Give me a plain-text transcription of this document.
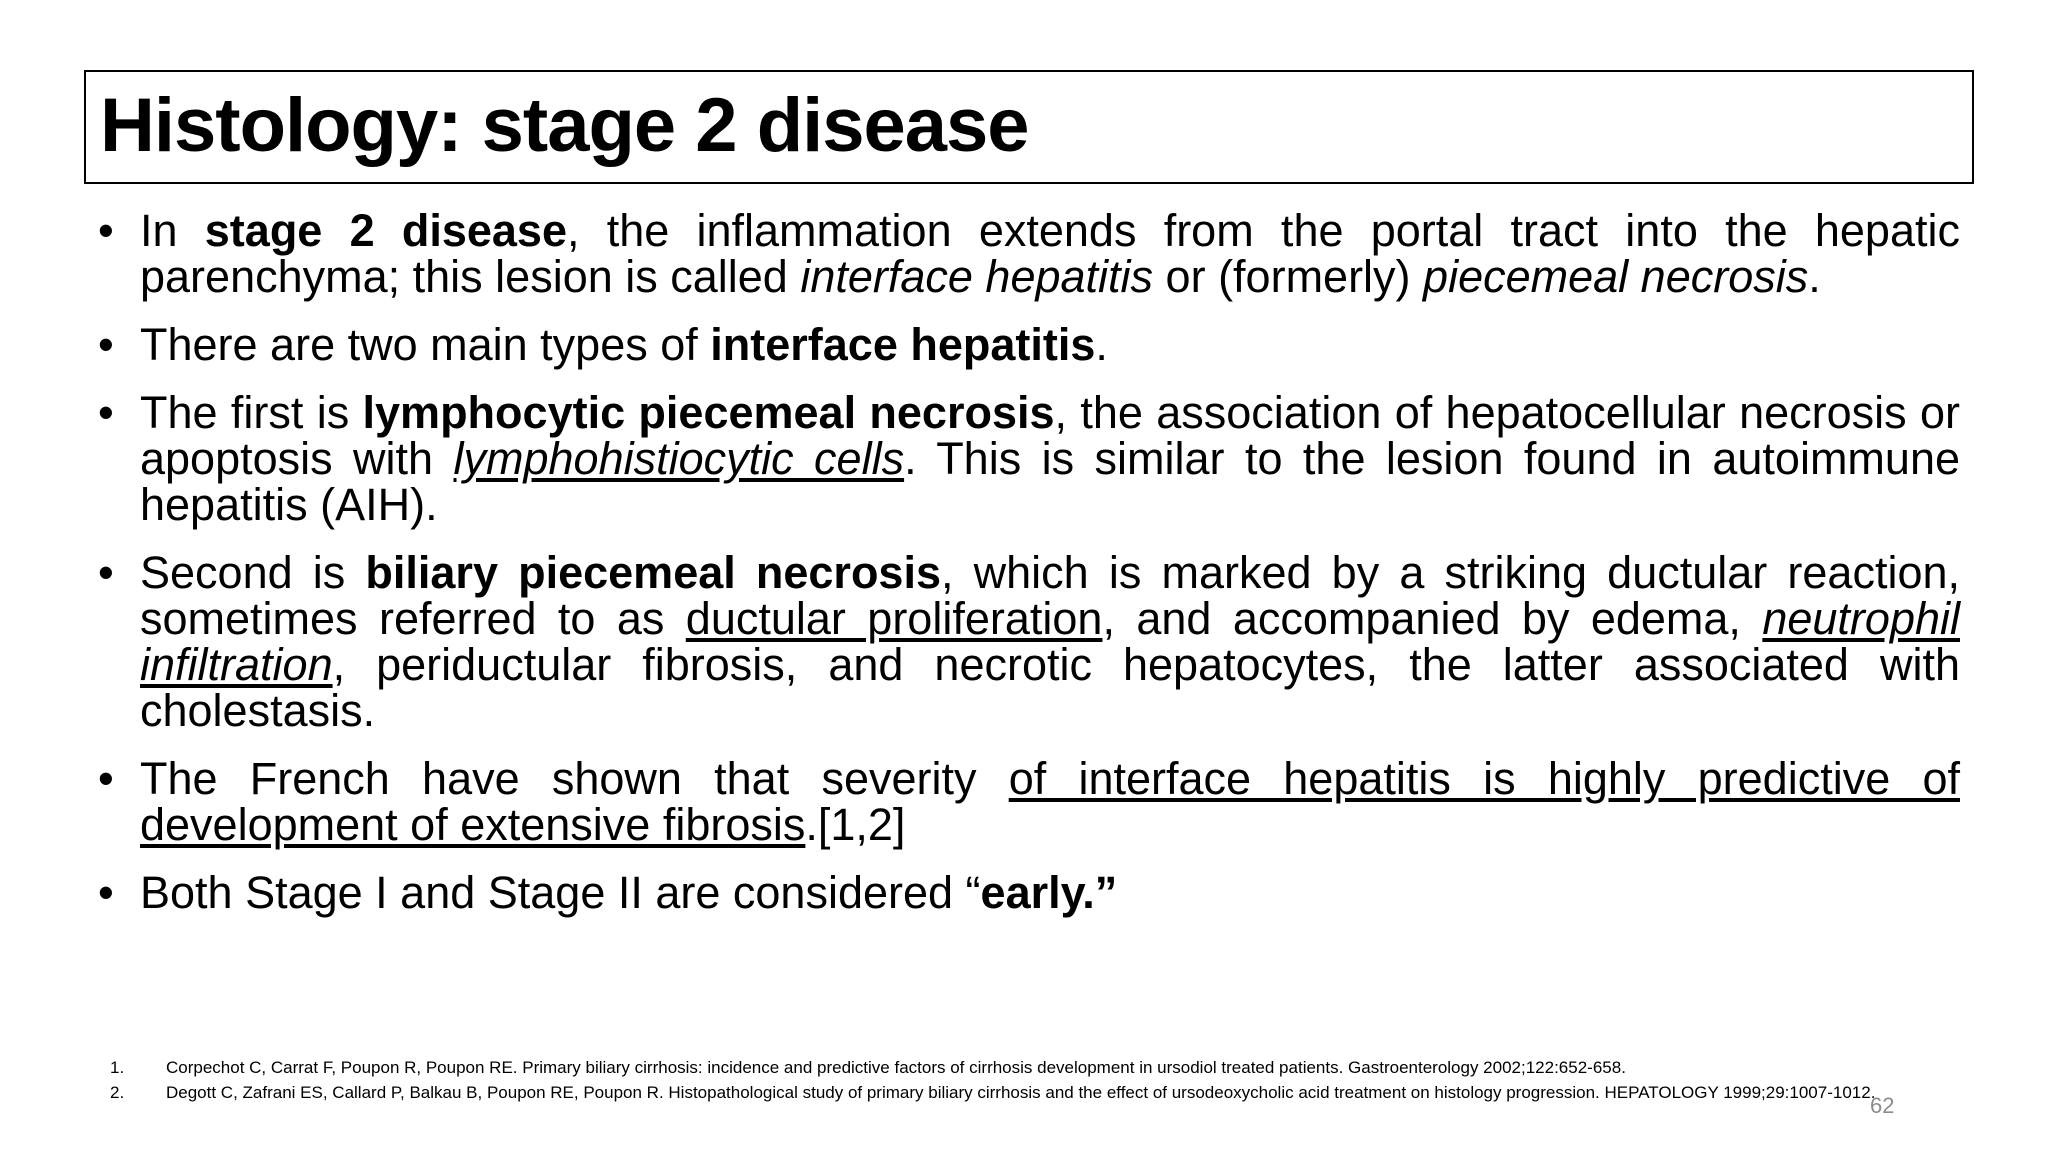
Histology: stage 2 disease
• In stage 2 disease, the inflammation extends from the portal tract into the hepatic parenchyma; this lesion is called interface hepatitis or (formerly) piecemeal necrosis.
• There are two main types of interface hepatitis.
• The first is lymphocytic piecemeal necrosis, the association of hepatocellular necrosis or apoptosis with lymphohistiocytic cells. This is similar to the lesion found in autoimmune hepatitis (AIH).
• Second is biliary piecemeal necrosis, which is marked by a striking ductular reaction, sometimes referred to as ductular proliferation, and accompanied by edema, neutrophil infiltration, periductular fibrosis, and necrotic hepatocytes, the latter associated with cholestasis.
• The French have shown that severity of interface hepatitis is highly predictive of development of extensive fibrosis.[1,2]
• Both Stage I and Stage II are considered “early.”
1. Corpechot C, Carrat F, Poupon R, Poupon RE. Primary biliary cirrhosis: incidence and predictive factors of cirrhosis development in ursodiol treated patients. Gastroenterology 2002;122:652-658.
2. Degott C, Zafrani ES, Callard P, Balkau B, Poupon RE, Poupon R. Histopathological study of primary biliary cirrhosis and the effect of ursodeoxycholic acid treatment on histology progression. HEPATOLOGY 1999;29:1007-1012.
62
